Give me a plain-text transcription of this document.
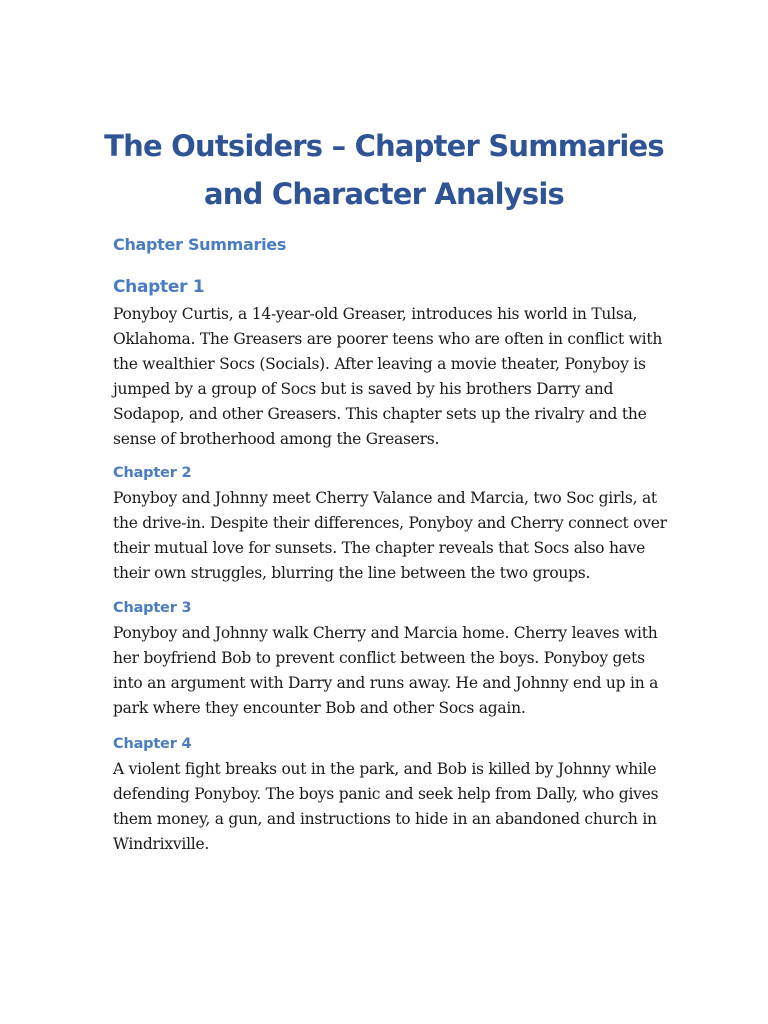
The Outsiders – Chapter Summaries
and Character Analysis
Chapter Summaries
Chapter 1
Ponyboy Curtis, a 14-year-old Greaser, introduces his world in Tulsa,
Oklahoma. The Greasers are poorer teens who are often in conflict with
the wealthier Socs (Socials). After leaving a movie theater, Ponyboy is
jumped by a group of Socs but is saved by his brothers Darry and
Sodapop, and other Greasers. This chapter sets up the rivalry and the
sense of brotherhood among the Greasers.
Chapter 2
Ponyboy and Johnny meet Cherry Valance and Marcia, two Soc girls, at
the drive-in. Despite their differences, Ponyboy and Cherry connect over
their mutual love for sunsets. The chapter reveals that Socs also have
their own struggles, blurring the line between the two groups.
Chapter 3
Ponyboy and Johnny walk Cherry and Marcia home. Cherry leaves with
her boyfriend Bob to prevent conflict between the boys. Ponyboy gets
into an argument with Darry and runs away. He and Johnny end up in a
park where they encounter Bob and other Socs again.
Chapter 4
A violent fight breaks out in the park, and Bob is killed by Johnny while
defending Ponyboy. The boys panic and seek help from Dally, who gives
them money, a gun, and instructions to hide in an abandoned church in
Windrixville.
